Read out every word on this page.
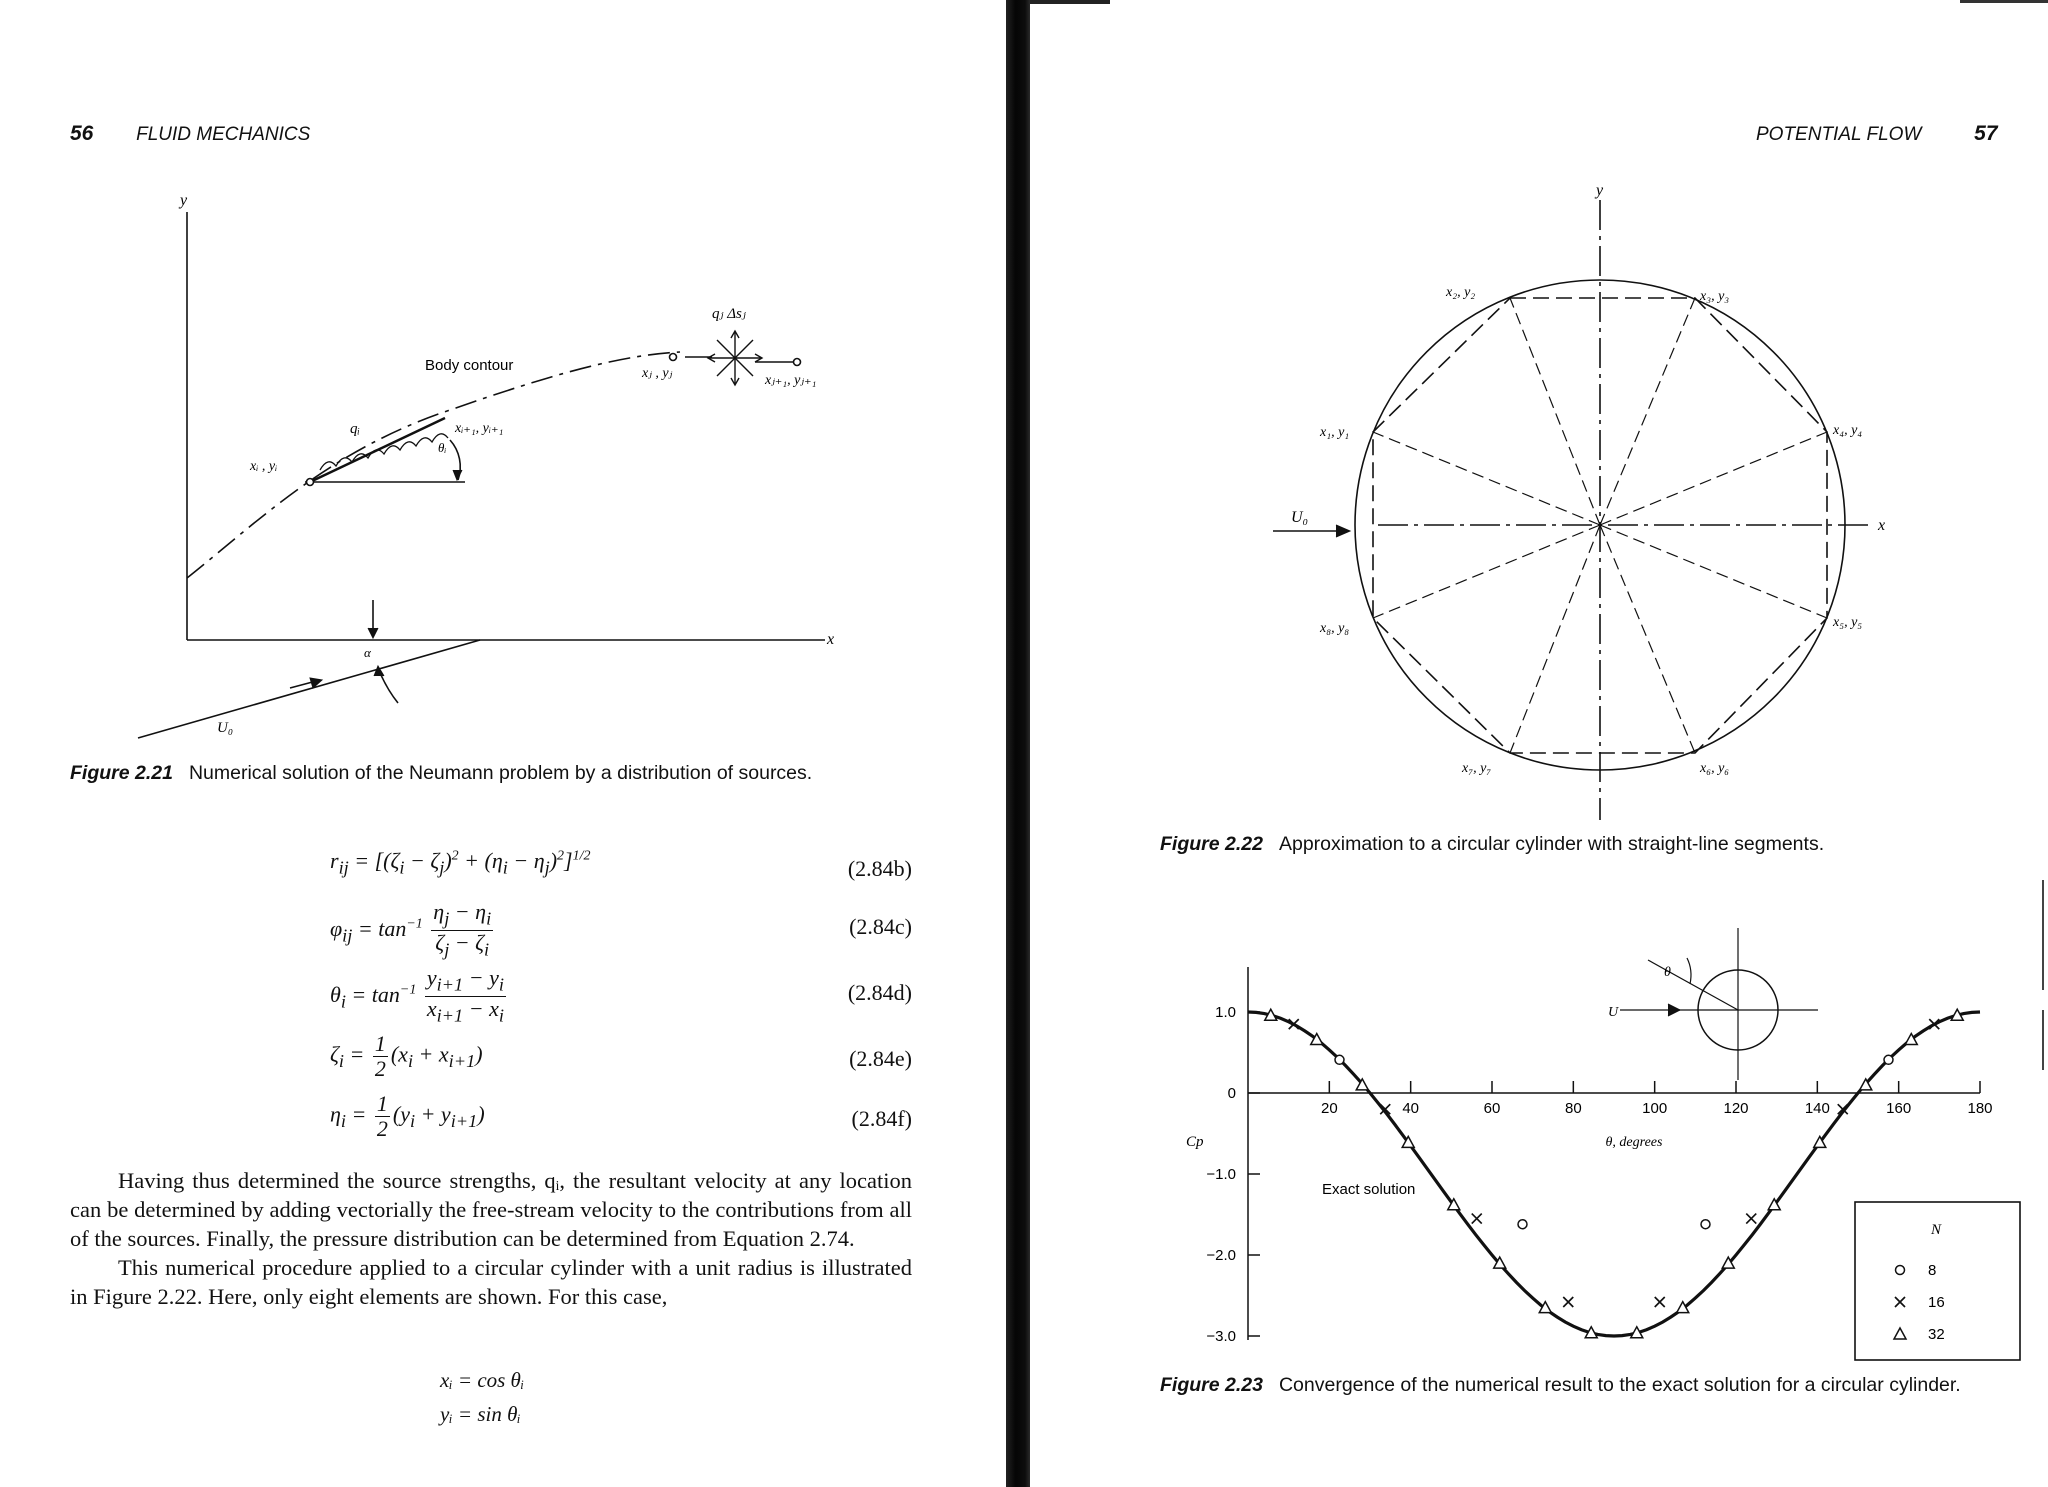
56 FLUID MECHANICS
y
x
Body contour
qᵢ
xᵢ , yᵢ
xᵢ₊₁, yᵢ₊₁
θᵢ
α
U₀
qⱼ Δsⱼ
xⱼ , yⱼ	xⱼ₊₁, yⱼ₊₁
Figure 2.21 Numerical solution of the Neumann problem by a distribution of sources.
$r_{ij} = [(\zeta_i - \zeta_j)^2 + (\eta_i - \eta_j)^2]^{1/2}$	(2.84b)
$\varphi_{ij} = \tan^{-1} \frac{\eta_j - \eta_i}{\zeta_j - \zeta_i}$	(2.84c)
$\theta_i = \tan^{-1} \frac{y_{i+1} - y_i}{x_{i+1} - x_i}$	(2.84d)
$\zeta_i = \frac{1}{2} (x_i + x_{i+1})$	(2.84e)
$\eta_i = \frac{1}{2} (y_i + y_{i+1})$	(2.84f)

Having thus determined the source strengths, qᵢ, the resultant velocity at any location can be determined by adding vectorially the free-stream velocity to the contributions from all of the sources. Finally, the pressure distribution can be determined from Equation 2.74.

This numerical procedure applied to a circular cylinder with a unit radius is illustrated in Figure 2.22. Here, only eight elements are shown. For this case,

xᵢ = cos θᵢ
yᵢ = sin θᵢ
POTENTIAL FLOW	57
y
x
U₀
x₁, y₁
x₂, y₂	x₃, y₃
x₄, y₄
x₅, y₅
x₆, y₆
x₇, y₇
x₈, y₈
Figure 2.22 Approximation to a circular cylinder with straight-line segments.
1.0
0
−1.0
−2.0
−3.0
20	40	60	80	100	120	140	160	180
θ
U
θ, degrees
Cp
Exact solution
N
8
16
32
Figure 2.23 Convergence of the numerical result to the exact solution for a circular cylinder.
